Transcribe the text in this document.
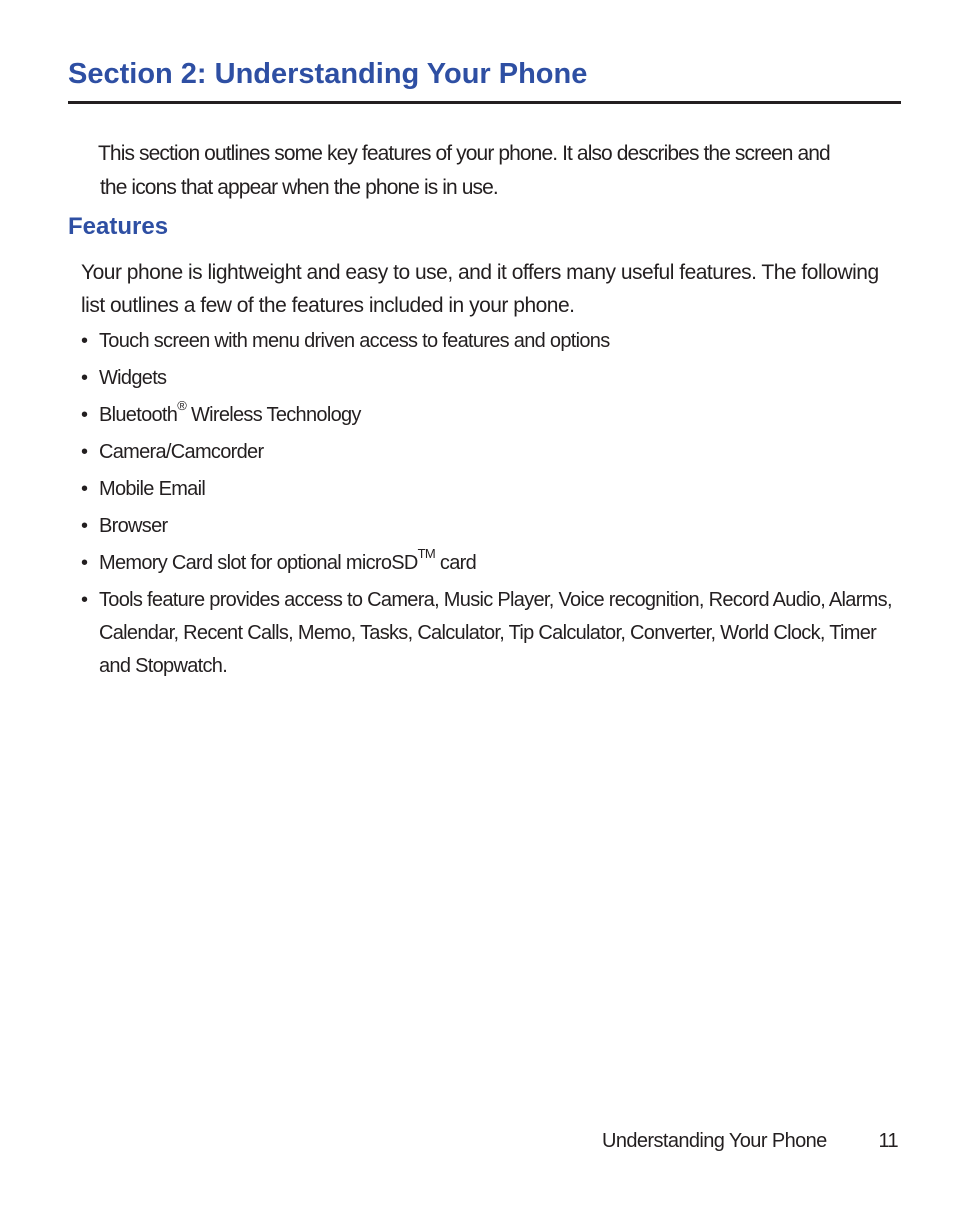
Section 2: Understanding Your Phone

This section outlines some key features of your phone. It also describes the screen and
the icons that appear when the phone is in use.

Features

Your phone is lightweight and easy to use, and it offers many useful features. The following list outlines a few of the features included in your phone.

• Touch screen with menu driven access to features and options
• Widgets
• Bluetooth® Wireless Technology
• Camera/Camcorder
• Mobile Email
• Browser
• Memory Card slot for optional microSD™ card
• Tools feature provides access to Camera, Music Player, Voice recognition, Record Audio, Alarms, Calendar, Recent Calls, Memo, Tasks, Calculator, Tip Calculator, Converter, World Clock, Timer and Stopwatch.
Understanding Your Phone	11
